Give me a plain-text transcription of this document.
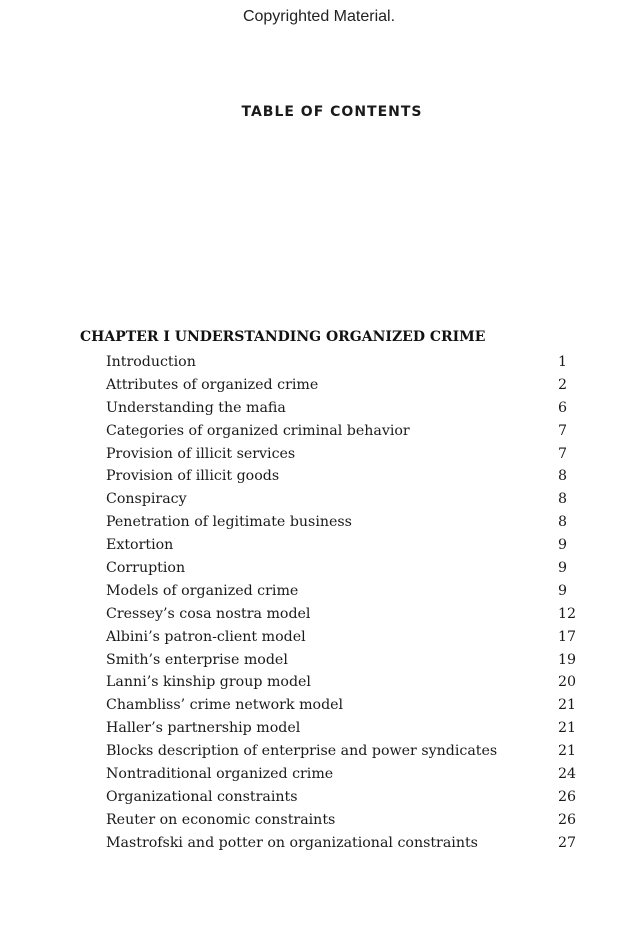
Copyrighted Material.
TABLE OF CONTENTS
CHAPTER I UNDERSTANDING ORGANIZED CRIME
Introduction	1
Attributes of organized crime	2
Understanding the mafia	6
Categories of organized criminal behavior	7
Provision of illicit services	7
Provision of illicit goods	8
Conspiracy	8
Penetration of legitimate business	8
Extortion	9
Corruption	9
Models of organized crime	9
Cressey’s cosa nostra model	12
Albini’s patron-client model	17
Smith’s enterprise model	19
Lanni’s kinship group model	20
Chambliss’ crime network model	21
Haller’s partnership model	21
Blocks description of enterprise and power syndicates	21
Nontraditional organized crime	24
Organizational constraints	26
Reuter on economic constraints	26
Mastrofski and potter on organizational constraints	27
